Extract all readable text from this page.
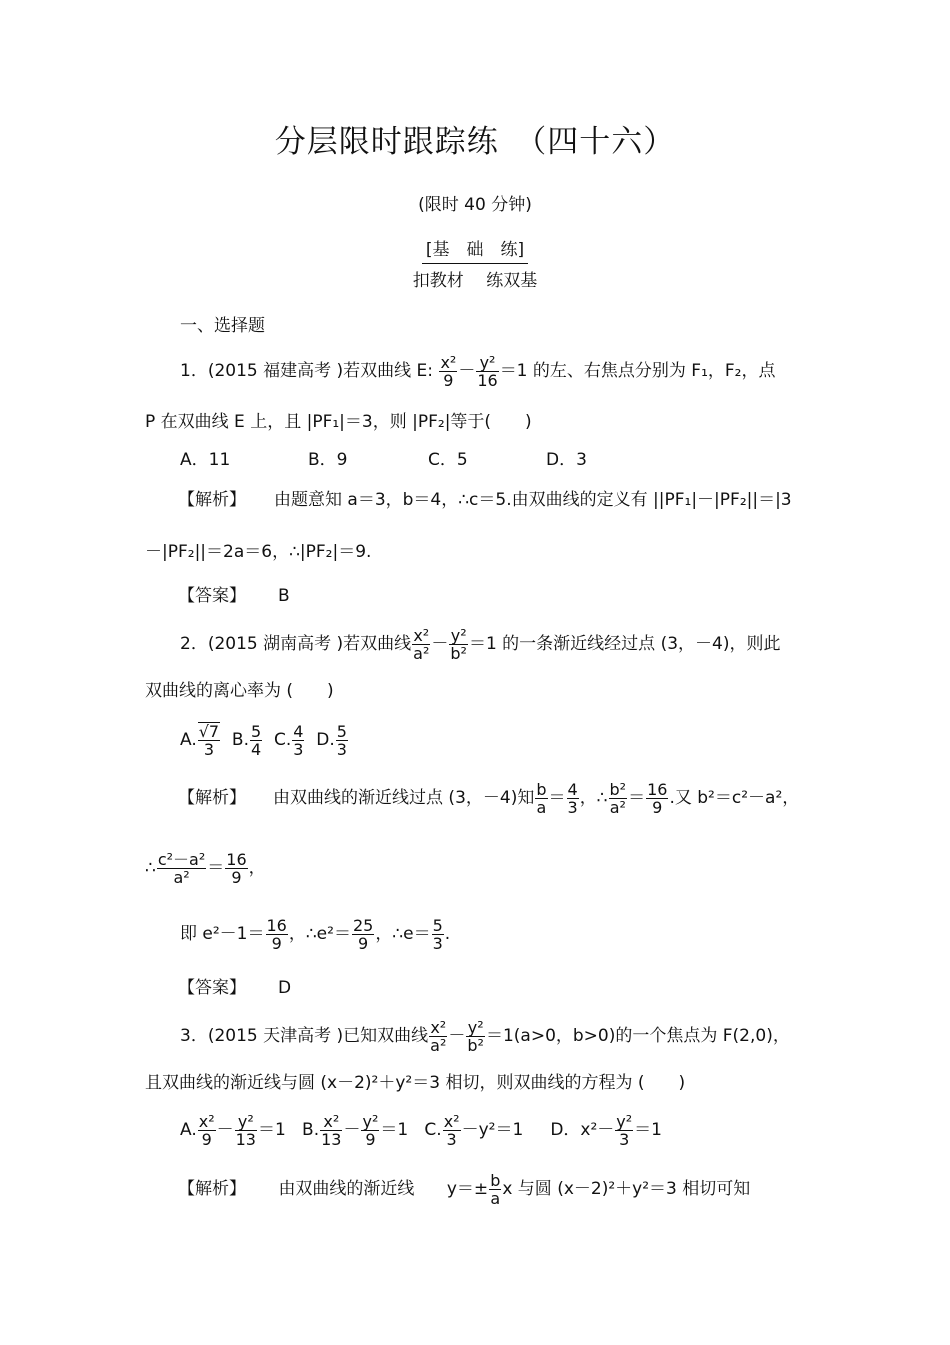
分层限时跟踪练　（四十六）
(限时 40 分钟)
[基　础　练]
扣教材　 练双基
一、选择题
1．(2015 福建高考 )若双曲线 E: $\frac{\text{x²}}{9} - \frac{\text{y²}}{16} =1$ 的左、右焦点分别为 F₁，F₂，点
P 在双曲线 E 上，且 |PF₁|＝3，则 |PF₂|等于(　　)
A．11	B．9	C．5	D．3
【解析】 由题意知 a＝3，b＝4，∴c＝5.由双曲线的定义有 ||PF₁|－|PF₂||＝|3
－|PF₂||＝2a＝6，∴|PF₂|＝9.
【答案】 B
2．(2015 湖南高考 )若双曲线 $\frac{\text{x²}}{\text{a²}} - \frac{\text{y²}}{\text{b²}} =1$ 的一条渐近线经过点 (3，－4)，则此
双曲线的离心率为 (　　)
A. $\frac{√7}{3} B$. $\frac{5}{4} C$. $\frac{4}{3} D$. $\frac{5}{3}$
【解析】 由双曲线的渐近线过点 (3，－4)知 $\frac{b}{a} = \frac{4}{3}$ ，∴ $\frac{\text{b²}}{\text{a²}} = \frac{16}{9}$ .又 b²＝c²－a²，
∴ $\frac{\text{c²－a²}}{\text{a²}} = \frac{16}{9}$ ，
即 $e^2-1= \frac{16}{9}$ ，∴e²＝ $\frac{25}{9}$ ，∴e＝ $\frac{5}{3}$ .
【答案】 D
3．(2015 天津高考 )已知双曲线 $\frac{\text{x²}}{\text{a²}} - \frac{\text{y²}}{\text{b²}} =1(a>0$，b>0)的一个焦点为 F(2,0)，
且双曲线的渐近线与圆 (x－2)²＋y²＝3 相切，则双曲线的方程为 (　　)
A. $\frac{\text{x²}}{9} - \frac{\text{y²}}{13} =1$ B. $\frac{\text{x²}}{13} - \frac{\text{y²}}{9} =1$ C. $\frac{\text{x²}}{3} -y^2=1$ D．$x^2- \frac{\text{y²}}{3} =1$
【解析】 由双曲线的渐近线 $y=\pm \frac{b}{a}$ x 与圆 (x－2)²＋y²＝3 相切可知
